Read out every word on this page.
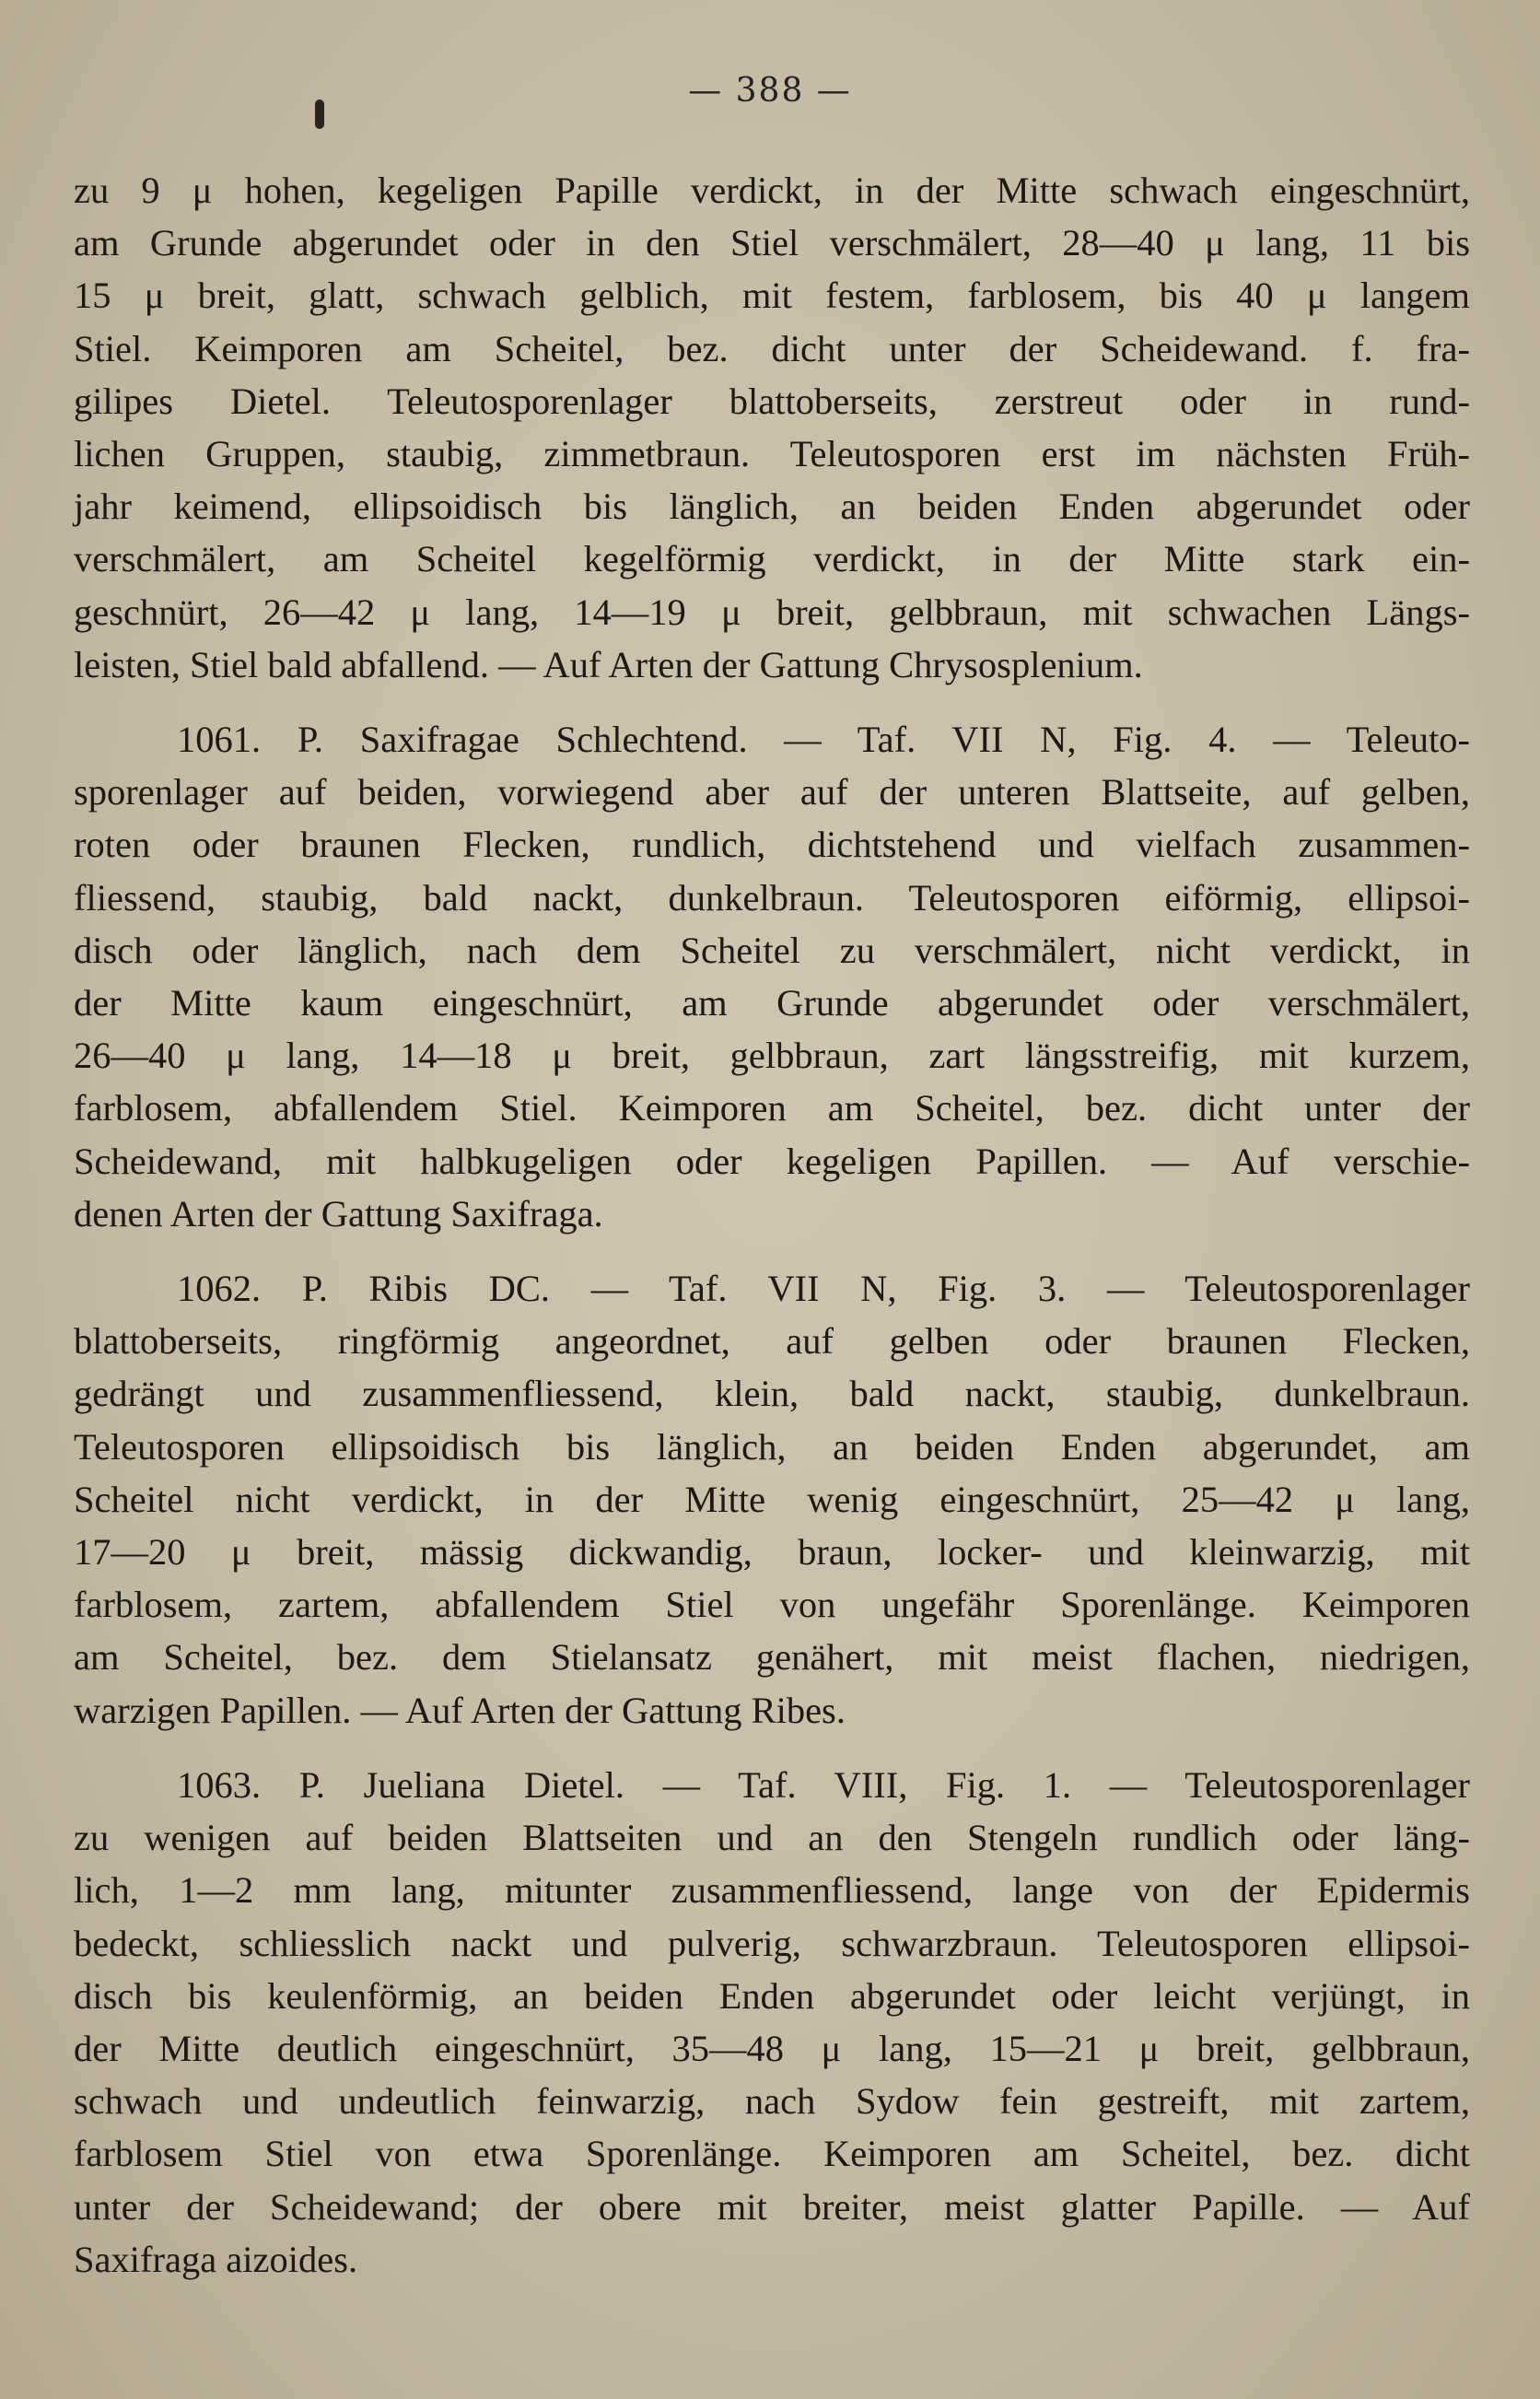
— 388 —

zu 9 μ hohen, kegeligen Papille verdickt, in der Mitte schwach eingeschnürt,
am Grunde abgerundet oder in den Stiel verschmälert, 28—40 μ lang, 11 bis
15 μ breit, glatt, schwach gelblich, mit festem, farblosem, bis 40 μ langem
Stiel. Keimporen am Scheitel, bez. dicht unter der Scheidewand. f. fra-
gilipes Dietel. Teleutosporenlager blattoberseits, zerstreut oder in rund-
lichen Gruppen, staubig, zimmetbraun. Teleutosporen erst im nächsten Früh-
jahr keimend, ellipsoidisch bis länglich, an beiden Enden abgerundet oder
verschmälert, am Scheitel kegelförmig verdickt, in der Mitte stark ein-
geschnürt, 26—42 μ lang, 14—19 μ breit, gelbbraun, mit schwachen Längs-
leisten, Stiel bald abfallend. — Auf Arten der Gattung Chrysosplenium.

1061. P. Saxifragae Schlechtend. — Taf. VII N, Fig. 4. — Teleuto-
sporenlager auf beiden, vorwiegend aber auf der unteren Blattseite, auf gelben,
roten oder braunen Flecken, rundlich, dichtstehend und vielfach zusammen-
fliessend, staubig, bald nackt, dunkelbraun. Teleutosporen eiförmig, ellipsoi-
disch oder länglich, nach dem Scheitel zu verschmälert, nicht verdickt, in
der Mitte kaum eingeschnürt, am Grunde abgerundet oder verschmälert,
26—40 μ lang, 14—18 μ breit, gelbbraun, zart längsstreifig, mit kurzem,
farblosem, abfallendem Stiel. Keimporen am Scheitel, bez. dicht unter der
Scheidewand, mit halbkugeligen oder kegeligen Papillen. — Auf verschie-
denen Arten der Gattung Saxifraga.

1062. P. Ribis DC. — Taf. VII N, Fig. 3. — Teleutosporenlager
blattoberseits, ringförmig angeordnet, auf gelben oder braunen Flecken,
gedrängt und zusammenfliessend, klein, bald nackt, staubig, dunkelbraun.
Teleutosporen ellipsoidisch bis länglich, an beiden Enden abgerundet, am
Scheitel nicht verdickt, in der Mitte wenig eingeschnürt, 25—42 μ lang,
17—20 μ breit, mässig dickwandig, braun, locker- und kleinwarzig, mit
farblosem, zartem, abfallendem Stiel von ungefähr Sporenlänge. Keimporen
am Scheitel, bez. dem Stielansatz genähert, mit meist flachen, niedrigen,
warzigen Papillen. — Auf Arten der Gattung Ribes.

1063. P. Jueliana Dietel. — Taf. VIII, Fig. 1. — Teleutosporenlager
zu wenigen auf beiden Blattseiten und an den Stengeln rundlich oder läng-
lich, 1—2 mm lang, mitunter zusammenfliessend, lange von der Epidermis
bedeckt, schliesslich nackt und pulverig, schwarzbraun. Teleutosporen ellipsoi-
disch bis keulenförmig, an beiden Enden abgerundet oder leicht verjüngt, in
der Mitte deutlich eingeschnürt, 35—48 μ lang, 15—21 μ breit, gelbbraun,
schwach und undeutlich feinwarzig, nach Sydow fein gestreift, mit zartem,
farblosem Stiel von etwa Sporenlänge. Keimporen am Scheitel, bez. dicht
unter der Scheidewand; der obere mit breiter, meist glatter Papille. — Auf
Saxifraga aizoides.
